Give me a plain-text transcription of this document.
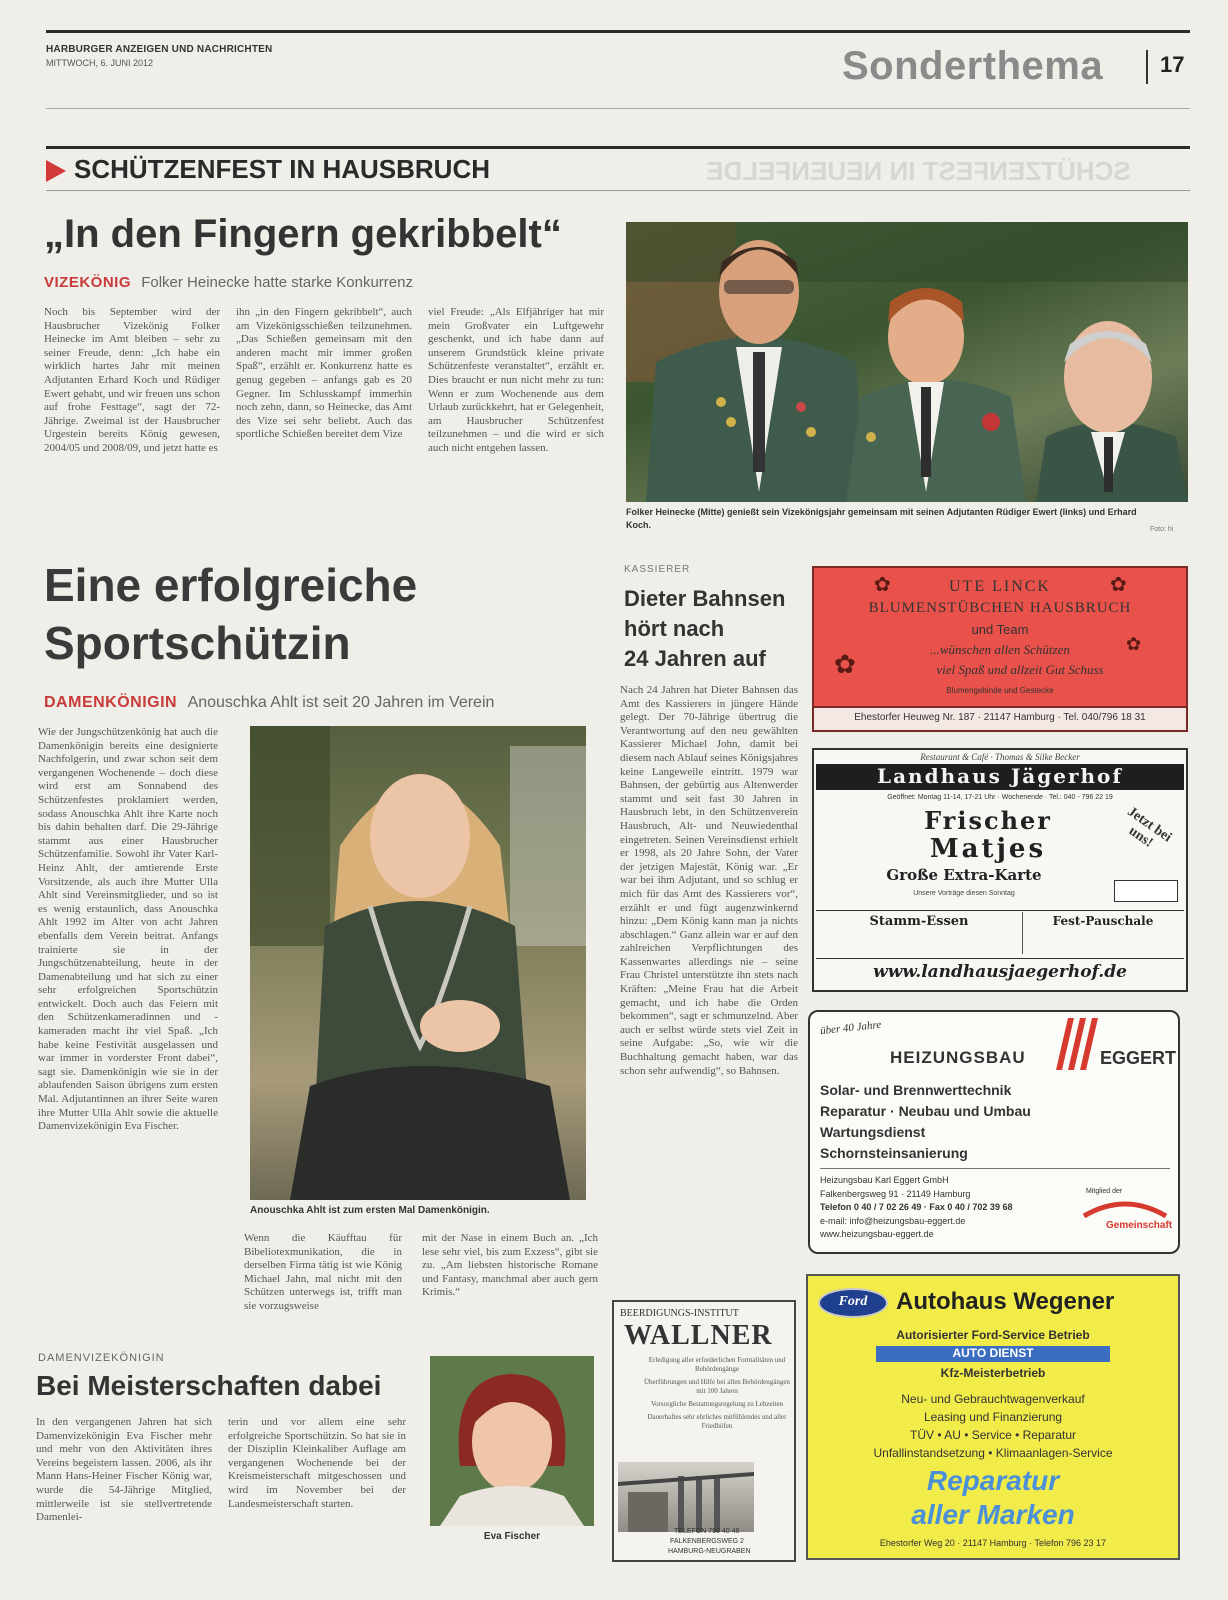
HARBURGER ANZEIGEN UND NACHRICHTEN
MITTWOCH, 6. JUNI 2012	Sonderthema	17
SCHÜTZENFEST IN HAUSBRUCH	SCHÜTZENFEST IN NEUENFELDE
„In den Fingern gekribbelt“
VIZEKÖNIG Folker Heinecke hatte starke Konkurrenz
Noch bis September wird der Hausbrucher Vizekönig Folker Heinecke im Amt bleiben – sehr zu seiner Freude, denn: „Ich habe ein wirklich hartes Jahr mit meinen Adjutanten Erhard Koch und Rüdiger Ewert gehabt, und wir freuen uns schon auf frohe Festtage“, sagt der 72-Jährige. Zweimal ist der Hausbrucher Urgestein bereits König gewesen, 2004/05 und 2008/09, und jetzt hatte es
ihn „in den Fingern gekribbelt“, auch am Vizekönigsschießen teilzunehmen. „Das Schießen gemeinsam mit den anderen macht mir immer großen Spaß“, erzählt er. Konkurrenz hatte es genug gegeben – anfangs gab es 20 Gegner. Im Schlusskampf immerhin noch zehn, dann, so Heinecke, das Amt des Vize sei sehr beliebt. Auch das sportliche Schießen bereitet dem Vize
viel Freude: „Als Elfjähriger hat mir mein Großvater ein Luftgewehr geschenkt, und ich habe dann auf unserem Grundstück kleine private Schützenfeste veranstaltet“, erzählt er. Dies braucht er nun nicht mehr zu tun: Wenn er zum Wochenende aus dem Urlaub zurückkehrt, hat er Gelegenheit, am Hausbrucher Schützenfest teilzunehmen – und die wird er sich auch nicht entgehen lassen.
Folker Heinecke (Mitte) genießt sein Vizekönigsjahr gemeinsam mit seinen Adjutanten Rüdiger Ewert (links) und Erhard Koch.	Foto: hi
Eine erfolgreiche
Sportschützin
DAMENKÖNIGIN Anouschka Ahlt ist seit 20 Jahren im Verein
Wie der Jungschützenkönig hat auch die Damenkönigin bereits eine designierte Nachfolgerin, und zwar schon seit dem vergangenen Wochenende – doch diese wird erst am Sonnabend des Schützenfestes proklamiert werden, sodass Anouschka Ahlt ihre Karte noch bis dahin behalten darf. Die 29-Jährige stammt aus einer Hausbrucher Schützenfamilie. Sowohl ihr Vater Karl-Heinz Ahlt, der amtierende Erste Vorsitzende, als auch ihre Mutter Ulla Ahlt sind Vereinsmitglieder, und so ist es wenig erstaunlich, dass Anouschka Ahlt 1992 im Alter von acht Jahren ebenfalls dem Verein beitrat. Anfangs trainierte sie in der Jungschützenabteilung, heute in der Damenabteilung und hat sich zu einer sehr erfolgreichen Sportschützin entwickelt. Doch auch das Feiern mit den Schützenkameradinnen und -kameraden macht ihr viel Spaß. „Ich habe keine Festivität ausgelassen und war immer in vorderster Front dabei“, sagt sie. Damenkönigin wie sie in der ablaufenden Saison übrigens zum ersten Mal. Adjutantinnen an ihrer Seite waren ihre Mutter Ulla Ahlt sowie die aktuelle Damenvizekönigin Eva Fischer.
Anouschka Ahlt ist zum ersten Mal Damenkönigin.
Wenn die Käufftau für Bibeliotexmunikation, die in derselben Firma tätig ist wie König Michael Jahn, mal nicht mit den Schützen unterwegs ist, trifft man sie vorzugsweise
mit der Nase in einem Buch an. „Ich lese sehr viel, bis zum Exzess“, gibt sie zu. „Am liebsten historische Romane und Fantasy, manchmal aber auch gern Krimis.“
DAMENVIZEKÖNIGIN
Bei Meisterschaften dabei
In den vergangenen Jahren hat sich Damenvizekönigin Eva Fischer mehr und mehr von den Aktivitäten ihres Vereins begeistern lassen. 2006, als ihr Mann Hans-Heiner Fischer König war, wurde die 54-Jährige Mitglied, mittlerweile ist sie stellvertretende Damenlei-
terin und vor allem eine sehr erfolgreiche Sportschützin. So hat sie in der Disziplin Kleinkaliber Auflage am vergangenen Wochenende bei der Kreismeisterschaft mitgeschossen und wird im November bei der Landesmeisterschaft starten.
Eva Fischer
KASSIERER
Dieter Bahnsen
hört nach
24 Jahren auf
Nach 24 Jahren hat Dieter Bahnsen das Amt des Kassierers in jüngere Hände gelegt. Der 70-Jährige übertrug die Verantwortung auf den neu gewählten Kassierer Michael John, damit bei diesem nach Ablauf seines Königsjahres keine Langeweile eintritt. 1979 war Bahnsen, der gebürtig aus Altenwerder stammt und seit fast 30 Jahren in Hausbruch lebt, in den Schützenverein Hausbruch, Alt- und Neuwiedenthal eingetreten. Seinen Vereinsdienst erhielt er 1998, als 20 Jahre Sohn, der Vater der jetzigen Majestät, König war. „Er war bei ihm Adjutant, und so schlug er mich für das Amt des Kassierers vor“, erzählt er und fügt augenzwinkernd hinzu: „Dem König kann man ja nichts abschlagen.“ Ganz allein war er auf den zahlreichen Verpflichtungen des Kassenwartes allerdings nie – seine Frau Christel unterstützte ihn stets nach Kräften: „Meine Frau hat die Arbeit gemacht, und ich habe die Orden bekommen“, sagt er schmunzelnd. Aber auch er selbst würde stets viel Zeit in seine Aufgabe: „So, wie wir die Buchhaltung gemacht haben, war das schon sehr aufwendig“, so Bahnsen.
BEERDIGUNGS-INSTITUT
WALLNER
Erledigung aller erforderlichen Formalitäten und Behördengänge
Überführungen und Hilfe bei allen Behördengängen mit 100 Jahren
Vorsorgliche Bestattungsregelung zu Lebzeiten
Dauerhaftes sehr ehrliches mitfühlendes und aller Friedhöfen
TELEFON 790 40 46
FALKENBERGSWEG 2
HAMBURG-NEUGRABEN
UTE LINCK
BLUMENSTÜBCHEN HAUSBRUCH
und Team
...wünschen allen Schützen
viel Spaß und allzeit Gut Schuss
Blumengebinde und Gestecke
Ehestorfer Heuweg Nr. 187 · 21147 Hamburg · Tel. 040/796 18 31
✿	✿
✿
✿
Restaurant & Café · Thomas & Silke Becker
Landhaus Jägerhof
Geöffnet: Montag 11-14, 17-21 Uhr · Wochenende · Tel.: 040 - 796 22 19
Frischer
Matjes
Große Extra-Karte
Jetzt bei uns!
Unsere Vorträge diesen Sonntag
Stamm-Essen	Fest-Pauschale
www.landhausjaegerhof.de
über 40 Jahre
HEIZUNGSBAU	EGGERT
Solar- und Brennwerttechnik
Reparatur · Neubau und Umbau
Wartungsdienst
Schornsteinsanierung
Heizungsbau Karl Eggert GmbH
Falkenbergsweg 91 · 21149 Hamburg
Telefon 0 40 / 7 02 26 49 · Fax 0 40 / 702 39 68
e-mail: info@heizungsbau-eggert.de
www.heizungsbau-eggert.de
Mitglied der
Gemeinschaft
Ford	Autohaus Wegener
Autorisierter Ford-Service Betrieb
AUTO DIENST
Kfz-Meisterbetrieb
Neu- und Gebrauchtwagenverkauf
Leasing und Finanzierung
TÜV • AU • Service • Reparatur
Unfallinstandsetzung • Klimaanlagen-Service
Reparatur
aller Marken
Ehestorfer Weg 20 · 21147 Hamburg · Telefon 796 23 17
